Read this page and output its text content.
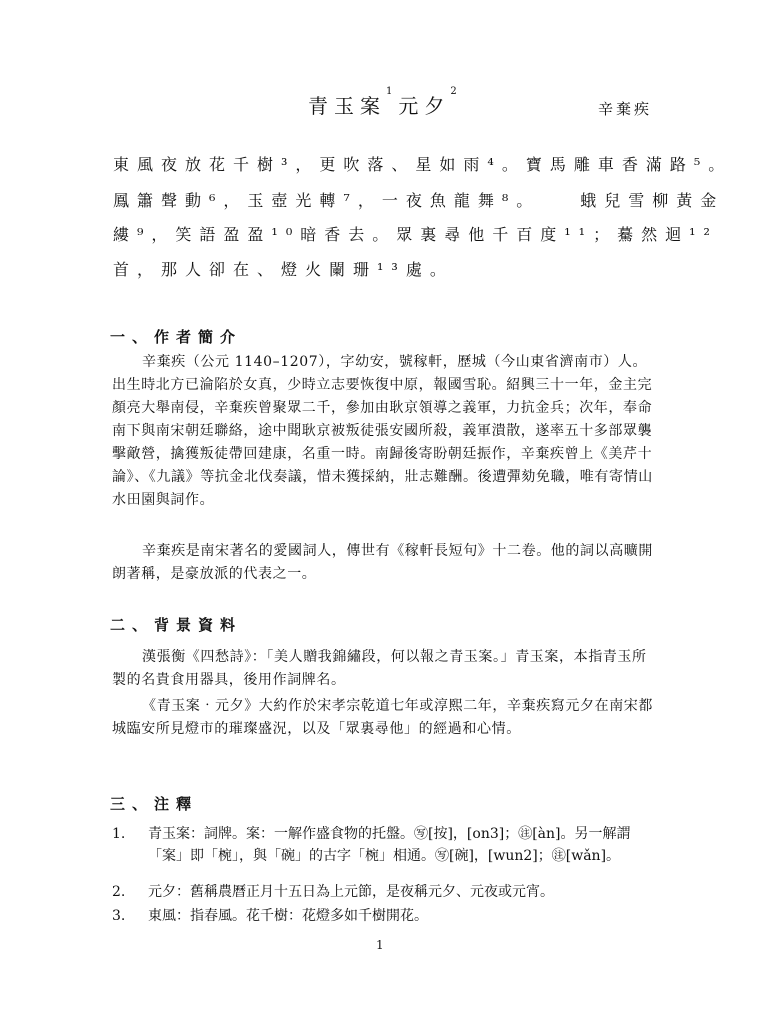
青玉案$^1$元夕$^2$
辛棄疾
東風夜放花千樹³，更吹落、星如雨⁴。寶馬雕車香滿路⁵。
鳳簫聲動⁶，玉壺光轉⁷，一夜魚龍舞⁸。　　蛾兒雪柳黃金
縷⁹，笑語盈盈¹⁰暗香去。眾裏尋他千百度¹¹；驀然迴¹²
首，那人卻在、燈火闌珊¹³處。
一、作者簡介
辛棄疾（公元 1140–1207），字幼安，號稼軒，歷城（今山東省濟南市）人。出生時北方已淪陷於女真，少時立志要恢復中原，報國雪恥。紹興三十一年，金主完顏亮大舉南侵，辛棄疾曾聚眾二千，參加由耿京領導之義軍，力抗金兵；次年，奉命南下與南宋朝廷聯絡，途中聞耿京被叛徒張安國所殺，義軍潰散，遂率五十多部眾襲擊敵營，擒獲叛徒帶回建康，名重一時。南歸後寄盼朝廷振作，辛棄疾曾上《美芹十論》、《九議》等抗金北伐奏議，惜未獲採納，壯志難酬。後遭彈劾免職，唯有寄情山水田園與詞作。
辛棄疾是南宋著名的愛國詞人，傳世有《稼軒長短句》十二卷。他的詞以高曠開朗著稱，是豪放派的代表之一。
二、背景資料
漢張衡《四愁詩》：「美人贈我錦繡段，何以報之青玉案。」青玉案，本指青玉所製的名貴食用器具，後用作詞牌名。
《青玉案‧元夕》大約作於宋孝宗乾道七年或淳熙二年，辛棄疾寫元夕在南宋都城臨安所見燈市的璀璨盛況，以及「眾裏尋他」的經過和心情。
三、注釋
1. 青玉案：詞牌。案：一解作盛食物的托盤。㊢[按]，[on3]；㊟[àn]。另一解謂「案」即「椀」，與「碗」的古字「椀」相通。㊢[碗]，[wun2]；㊟[wǎn]。
2. 元夕：舊稱農曆正月十五日為上元節，是夜稱元夕、元夜或元宵。
3. 東風：指春風。花千樹：花燈多如千樹開花。
1
